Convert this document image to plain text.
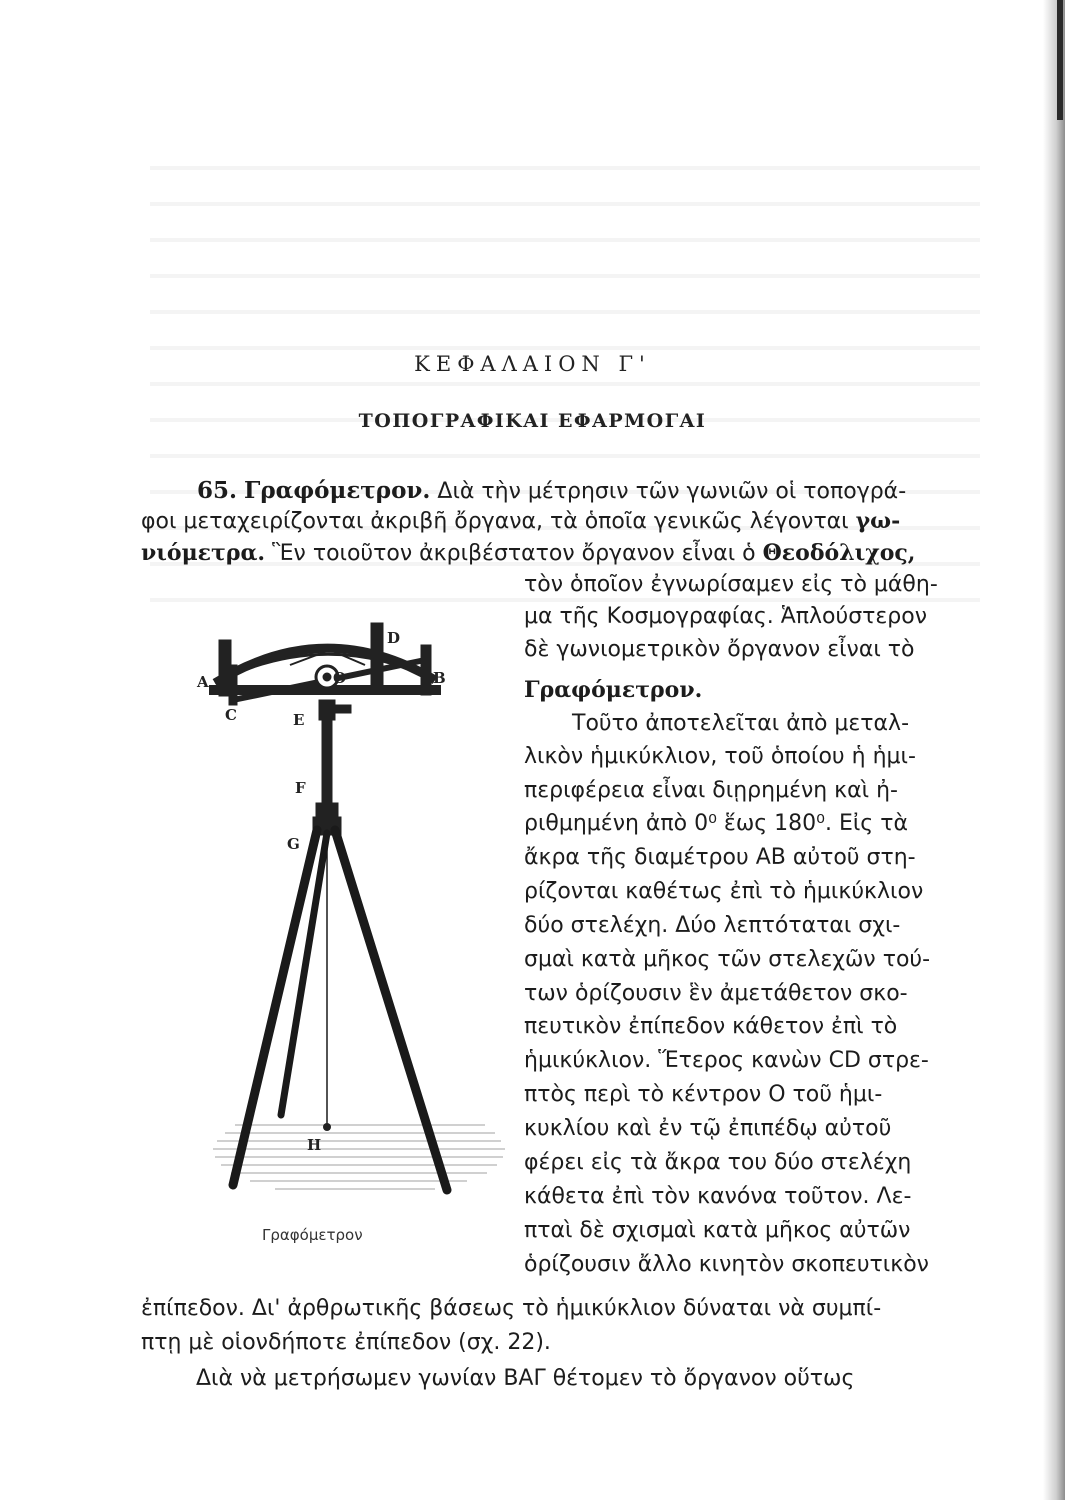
ΚΕΦΑΛΑΙΟΝ Γ'
ΤΟΠΟΓΡΑΦΙΚΑΙ ΕΦΑΡΜΟΓΑΙ
65. Γραφόμετρον. Διὰ τὴν μέτρησιν τῶν γωνιῶν οἱ τοπογρά-
φοι μεταχειρίζονται ἀκριβῆ ὄργανα, τὰ ὁποῖα γενικῶς λέγονται γω-
νιόμετρα. Ἓν τοιοῦτον ἀκριβέστατον ὄργανον εἶναι ὁ Θεοδόλιχος,
τὸν ὁποῖον ἐγνωρίσαμεν εἰς τὸ μάθη-
μα τῆς Κοσμογραφίας. Ἁπλούστερον
δὲ γωνιομετρικὸν ὄργανον εἶναι τὸ
Γραφόμετρον.
Τοῦτο ἀποτελεῖται ἀπὸ μεταλ-
λικὸν ἡμικύκλιον, τοῦ ὁποίου ἡ ἡμι-
περιφέρεια εἶναι διῃρημένη καὶ ἠ-
ριθμημένη ἀπὸ 0⁰ ἕως 180⁰. Εἰς τὰ
ἄκρα τῆς διαμέτρου ΑΒ αὐτοῦ στη-
ρίζονται καθέτως ἐπὶ τὸ ἡμικύκλιον
δύο στελέχη. Δύο λεπτόταται σχι-
σμαὶ κατὰ μῆκος τῶν στελεχῶν τού-
των ὁρίζουσιν ἓν ἀμετάθετον σκο-
πευτικὸν ἐπίπεδον κάθετον ἐπὶ τὸ
ἡμικύκλιον. Ἕτερος κανὼν CD στρε-
πτὸς περὶ τὸ κέντρον Ο τοῦ ἡμι-
κυκλίου καὶ ἐν τῷ ἐπιπέδῳ αὐτοῦ
φέρει εἰς τὰ ἄκρα του δύο στελέχη
κάθετα ἐπὶ τὸν κανόνα τοῦτον. Λε-
πταὶ δὲ σχισμαὶ κατὰ μῆκος αὐτῶν
ὁρίζουσιν ἄλλο κινητὸν σκοπευτικὸν
ἐπίπεδον. Δι' ἀρθρωτικῆς βάσεως τὸ ἡμικύκλιον δύναται νὰ συμπί-
πτῃ μὲ οἱονδήποτε ἐπίπεδον (σχ. 22).
Διὰ νὰ μετρήσωμεν γωνίαν ΒΑΓ θέτομεν τὸ ὄργανον οὕτως
A	B
C
D
E
F
G
H
O
Γραφόμετρον
